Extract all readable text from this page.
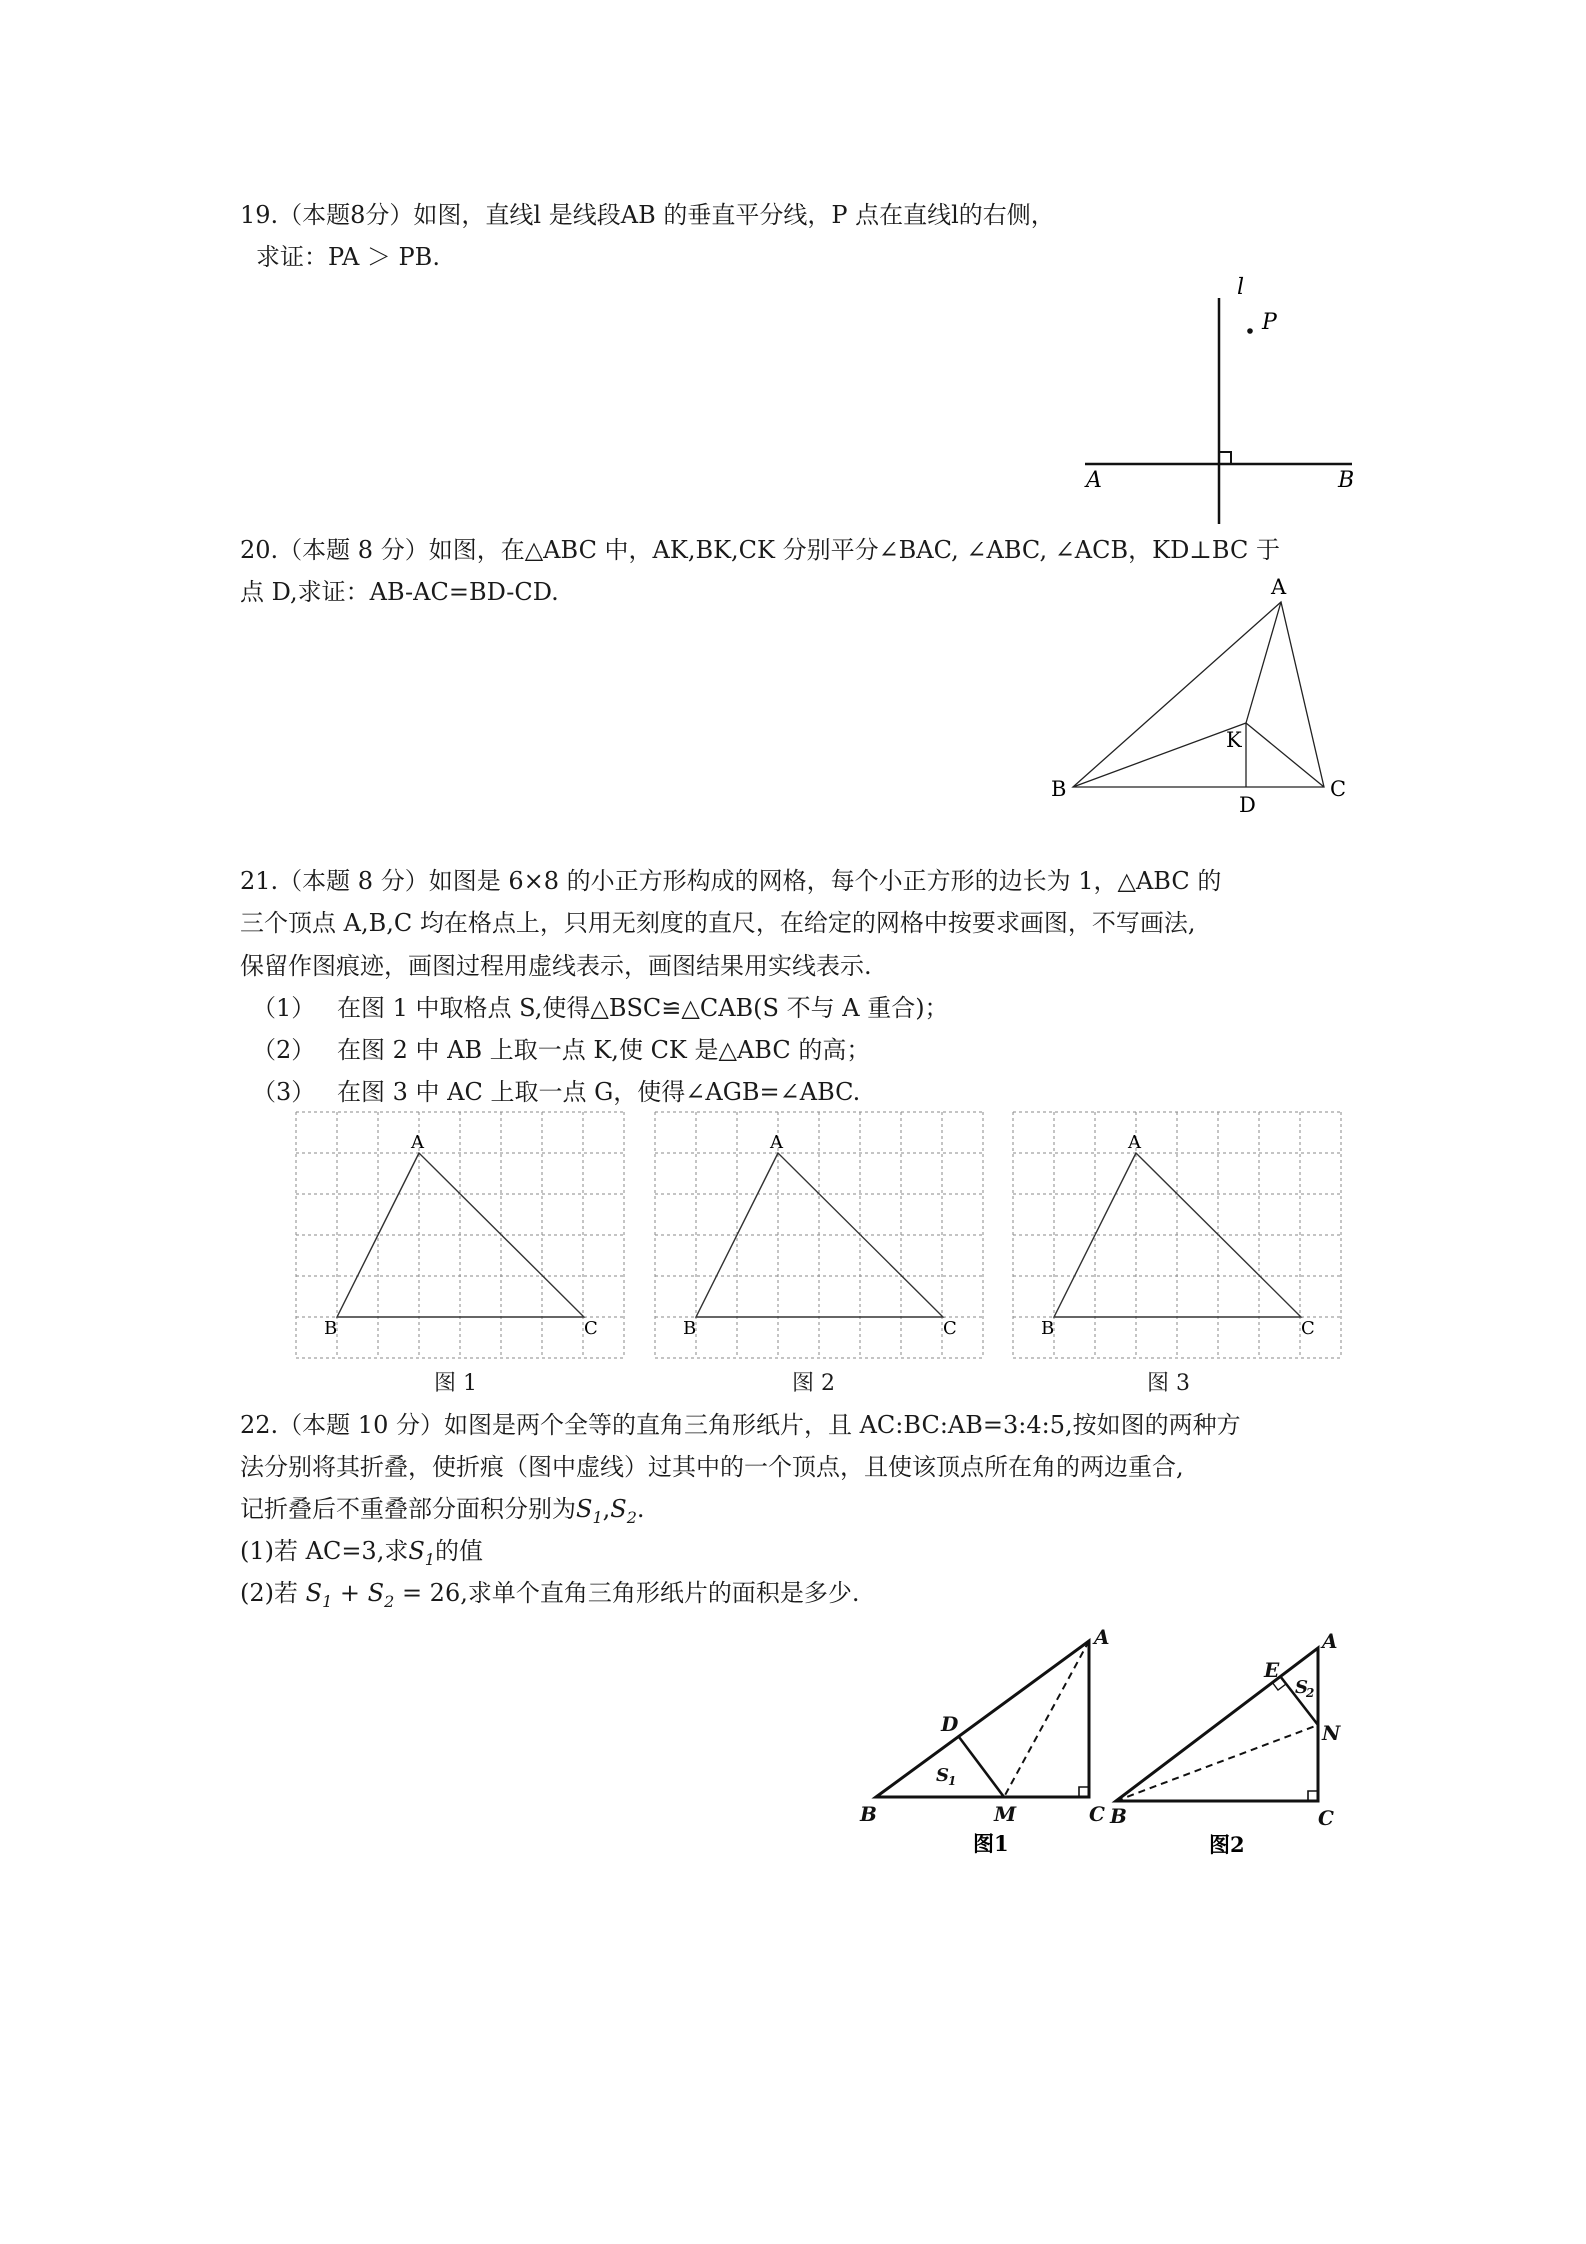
19.（本题8分）如图，直线l 是线段AB 的垂直平分线，P 点在直线l的右侧，
求证：PA ＞ PB.
l
P
A	B
20.（本题 8 分）如图，在△ABC 中，AK,BK,CK 分别平分∠BAC, ∠ABC, ∠ACB，KD⊥BC 于
点 D,求证：AB-AC=BD-CD.	A
B	C
K
D
21.（本题 8 分）如图是 6×8 的小正方形构成的网格，每个小正方形的边长为 1，△ABC 的
三个顶点 A,B,C 均在格点上，只用无刻度的直尺，在给定的网格中按要求画图，不写画法,
保留作图痕迹，画图过程用虚线表示，画图结果用实线表示.
（1） 在图 1 中取格点 S,使得△BSC≌△CAB(S 不与 A 重合)；
（2） 在图 2 中 AB 上取一点 K,使 CK 是△ABC 的高；
（3） 在图 3 中 AC 上取一点 G，使得∠AGB=∠ABC.
A
B	C
A
B	C
A
B	C
图 1	图 2	图 3
22.（本题 10 分）如图是两个全等的直角三角形纸片，且 AC:BC:AB=3:4:5,按如图的两种方
法分别将其折叠，使折痕（图中虚线）过其中的一个顶点，且使该顶点所在角的两边重合,
记折叠后不重叠部分面积分别为$S_1,S_2$.
(1)若 AC=3,求$S_1$的值
(2)若 $S_1 + S_2 = 26$,求单个直角三角形纸片的面积是多少.
A
D
B	M	C
S 1
图1
A
E
N
B	C
S
2
图2
